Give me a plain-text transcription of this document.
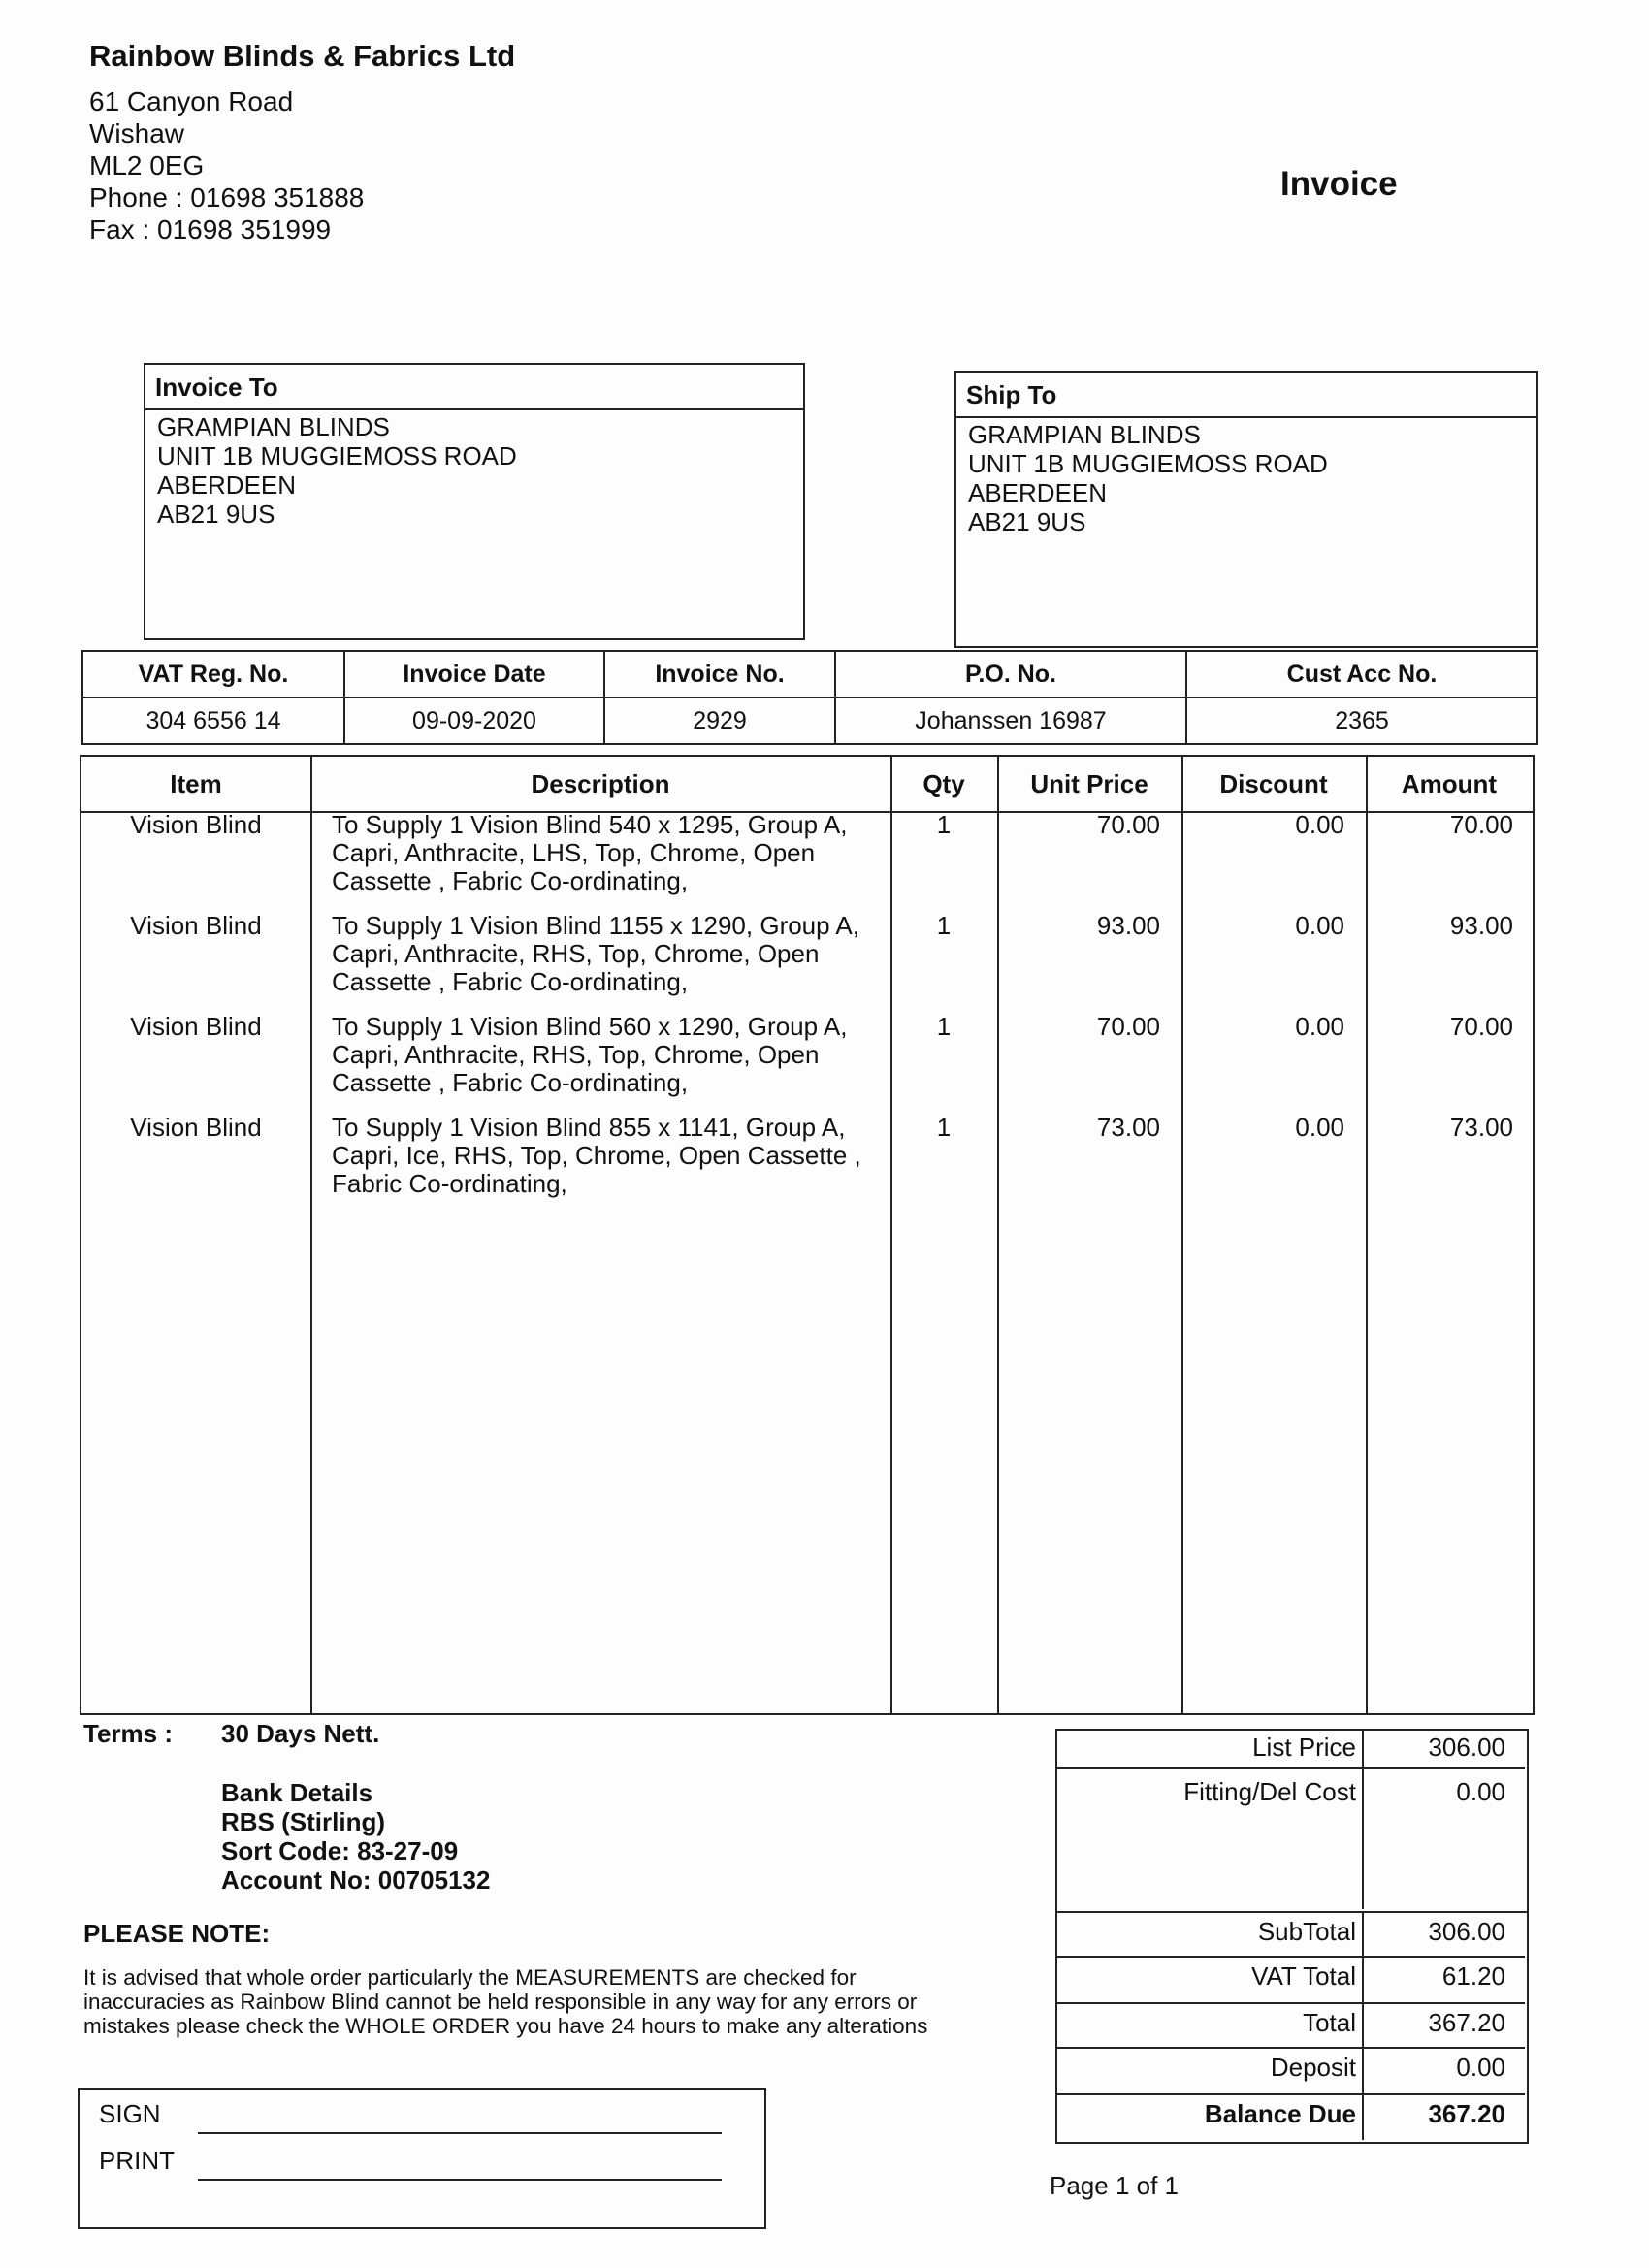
Rainbow Blinds & Fabrics Ltd
61 Canyon Road
Wishaw
ML2 0EG
Phone : 01698 351888
Fax : 01698 351999
Invoice
Invoice To
GRAMPIAN BLINDS
UNIT 1B MUGGIEMOSS ROAD
ABERDEEN
AB21 9US
Ship To
GRAMPIAN BLINDS
UNIT 1B MUGGIEMOSS ROAD
ABERDEEN
AB21 9US
VAT Reg. No.	Invoice Date	Invoice No.	P.O. No.	Cust Acc No.
304 6556 14	09-09-2020	2929	Johanssen 16987	2365
Item	Description	Qty	Unit Price	Discount	Amount
Vision Blind	To Supply 1 Vision Blind 540 x 1295, Group A,
Capri, Anthracite, LHS, Top, Chrome, Open
Cassette , Fabric Co-ordinating,
1	70.00	0.00	70.00
Vision Blind	To Supply 1 Vision Blind 1155 x 1290, Group A,
Capri, Anthracite, RHS, Top, Chrome, Open
Cassette , Fabric Co-ordinating,
1	93.00	0.00	93.00
Vision Blind	To Supply 1 Vision Blind 560 x 1290, Group A,
Capri, Anthracite, RHS, Top, Chrome, Open
Cassette , Fabric Co-ordinating,
1	70.00	0.00	70.00
Vision Blind	To Supply 1 Vision Blind 855 x 1141, Group A,
Capri, Ice, RHS, Top, Chrome, Open Cassette ,
Fabric Co-ordinating,
1	73.00	0.00	73.00
Terms : 30 Days Nett.
Bank Details
RBS (Stirling)
Sort Code: 83-27-09
Account No: 00705132
PLEASE NOTE:
It is advised that whole order particularly the MEASUREMENTS are checked for
inaccuracies as Rainbow Blind cannot be held responsible in any way for any errors or
mistakes please check the WHOLE ORDER you have 24 hours to make any alterations
SIGN
PRINT
List Price	306.00
Fitting/Del Cost	0.00
SubTotal	306.00
VAT Total	61.20
Total	367.20
Deposit	0.00
Balance Due	367.20
Page 1 of 1
